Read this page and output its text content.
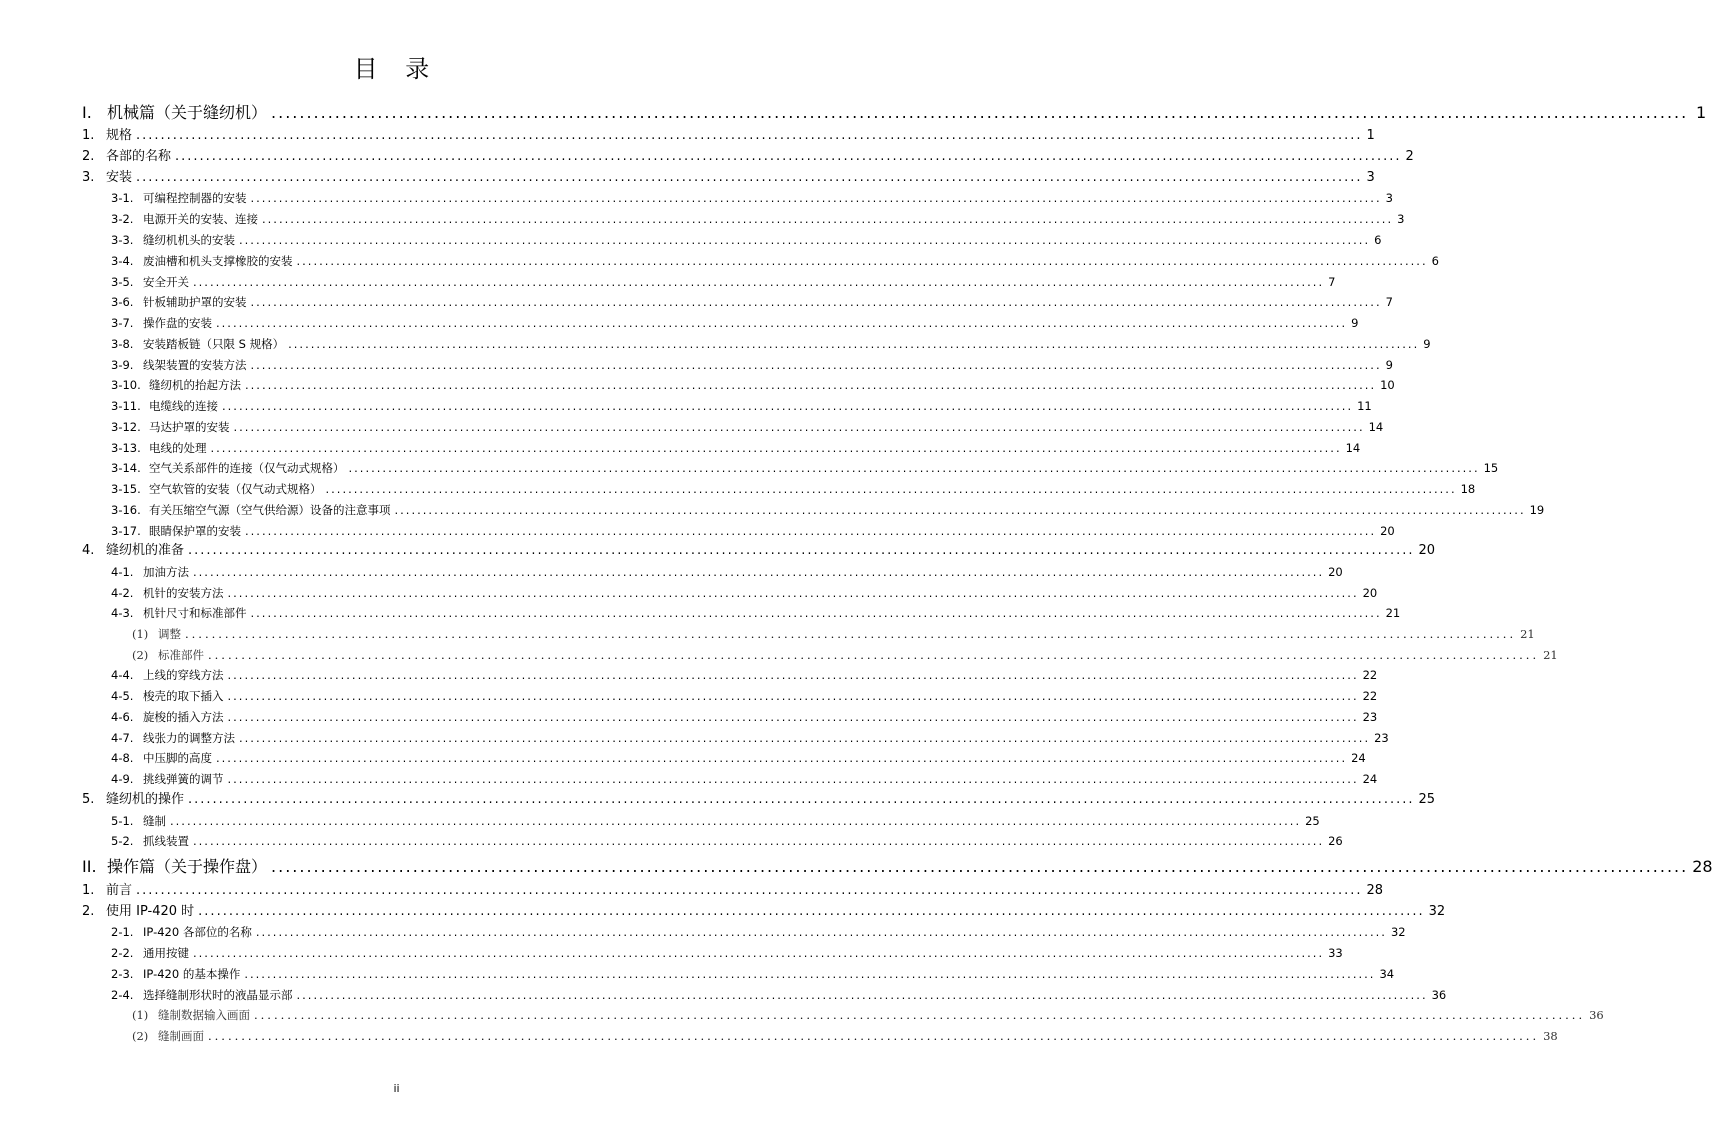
目 录
I. 机械篇（关于缝纫机） ........................................................................................................................................................................................................ 1
1. 规格 ........................................................................................................................................................................................................ 1
2. 各部的名称 ........................................................................................................................................................................................................ 2
3. 安装 ........................................................................................................................................................................................................ 3
3-1. 可编程控制器的安装 ........................................................................................................................................................................................................ 3
3-2. 电源开关的安装、连接 ........................................................................................................................................................................................................ 3
3-3. 缝纫机机头的安装 ........................................................................................................................................................................................................ 6
3-4. 废油槽和机头支撑橡胶的安装 ........................................................................................................................................................................................................ 6
3-5. 安全开关 ........................................................................................................................................................................................................ 7
3-6. 针板辅助护罩的安装 ........................................................................................................................................................................................................ 7
3-7. 操作盘的安装 ........................................................................................................................................................................................................ 9
3-8. 安装踏板链（只限 S 规格） ........................................................................................................................................................................................................ 9
3-9. 线架装置的安装方法 ........................................................................................................................................................................................................ 9
3-10. 缝纫机的抬起方法 ........................................................................................................................................................................................................ 10
3-11. 电缆线的连接 ........................................................................................................................................................................................................ 11
3-12. 马达护罩的安装 ........................................................................................................................................................................................................ 14
3-13. 电线的处理 ........................................................................................................................................................................................................ 14
3-14. 空气关系部件的连接（仅气动式规格） ........................................................................................................................................................................................................ 15
3-15. 空气软管的安装（仅气动式规格） ........................................................................................................................................................................................................ 18
3-16. 有关压缩空气源（空气供给源）设备的注意事项 ........................................................................................................................................................................................................ 19
3-17. 眼睛保护罩的安装 ........................................................................................................................................................................................................ 20
4. 缝纫机的准备 ........................................................................................................................................................................................................ 20
4-1. 加油方法 ........................................................................................................................................................................................................ 20
4-2. 机针的安装方法 ........................................................................................................................................................................................................ 20
4-3. 机针尺寸和标准部件 ........................................................................................................................................................................................................ 21
(1) 调整 ........................................................................................................................................................................................................ 21
(2) 标准部件 ........................................................................................................................................................................................................ 21
4-4. 上线的穿线方法 ........................................................................................................................................................................................................ 22
4-5. 梭壳的取下插入 ........................................................................................................................................................................................................ 22
4-6. 旋梭的插入方法 ........................................................................................................................................................................................................ 23
4-7. 线张力的调整方法 ........................................................................................................................................................................................................ 23
4-8. 中压脚的高度 ........................................................................................................................................................................................................ 24
4-9. 挑线弹簧的调节 ........................................................................................................................................................................................................ 24
5. 缝纫机的操作 ........................................................................................................................................................................................................ 25
5-1. 缝制 ........................................................................................................................................................................................................ 25
5-2. 抓线装置 ........................................................................................................................................................................................................ 26
II. 操作篇（关于操作盘） ........................................................................................................................................................................................................ 28
1. 前言 ........................................................................................................................................................................................................ 28
2. 使用 IP-420 时 ........................................................................................................................................................................................................ 32
2-1. IP-420 各部位的名称 ........................................................................................................................................................................................................ 32
2-2. 通用按键 ........................................................................................................................................................................................................ 33
2-3. IP-420 的基本操作 ........................................................................................................................................................................................................ 34
2-4. 选择缝制形状时的液晶显示部 ........................................................................................................................................................................................................ 36
(1) 缝制数据输入画面 ........................................................................................................................................................................................................ 36
(2) 缝制画面 ........................................................................................................................................................................................................ 38
ii
